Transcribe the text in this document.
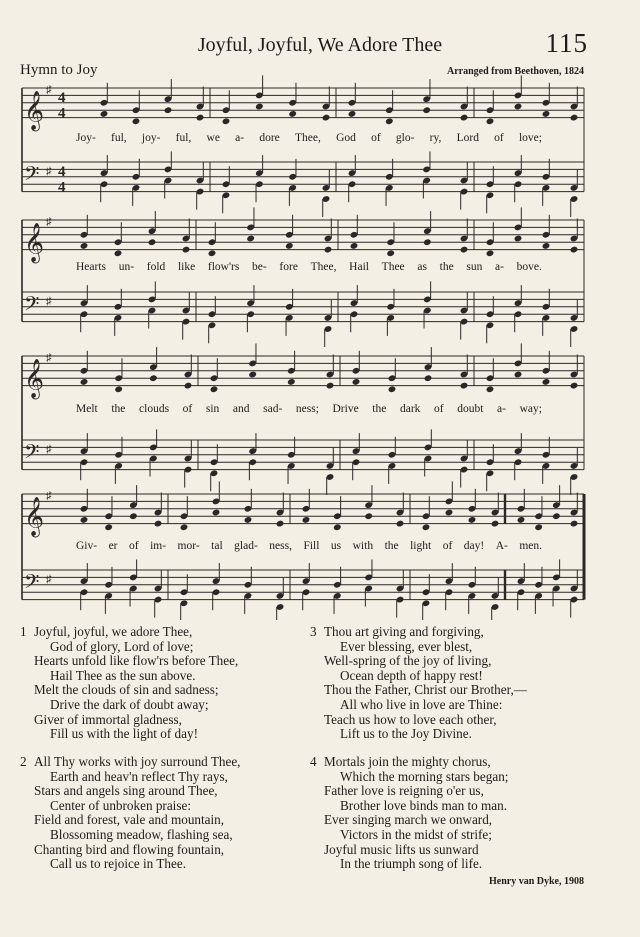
Joyful, Joyful, We Adore Thee	115
Hymn to Joy	Arranged from Beethoven, 1824
𝄞
𝄢
♯
♯
4
4
4
4
𝄞
𝄢
♯
♯
𝄞
𝄢
♯
♯
𝄞
𝄢
♯
♯
Joy- ful, joy- ful, we a- dore Thee, God of glo- ry, Lord of love;
Hearts un- fold like flow'rs be- fore Thee, Hail Thee as the sun a- bove.
Melt the clouds of sin and sad- ness; Drive the dark of doubt a- way;
Giv- er of im- mor- tal glad- ness, Fill us with the light of day! A- men.
1 Joyful, joyful, we adore Thee,
God of glory, Lord of love;
Hearts unfold like flow'rs before Thee,
Hail Thee as the sun above.
Melt the clouds of sin and sadness;
Drive the dark of doubt away;
Giver of immortal gladness,
Fill us with the light of day!
2 All Thy works with joy surround Thee,
Earth and heav'n reflect Thy rays,
Stars and angels sing around Thee,
Center of unbroken praise:
Field and forest, vale and mountain,
Blossoming meadow, flashing sea,
Chanting bird and flowing fountain,
Call us to rejoice in Thee.
3 Thou art giving and forgiving,
Ever blessing, ever blest,
Well-spring of the joy of living,
Ocean depth of happy rest!
Thou the Father, Christ our Brother,—
All who live in love are Thine:
Teach us how to love each other,
Lift us to the Joy Divine.
4 Mortals join the mighty chorus,
Which the morning stars began;
Father love is reigning o'er us,
Brother love binds man to man.
Ever singing march we onward,
Victors in the midst of strife;
Joyful music lifts us sunward
In the triumph song of life.
Henry van Dyke, 1908
